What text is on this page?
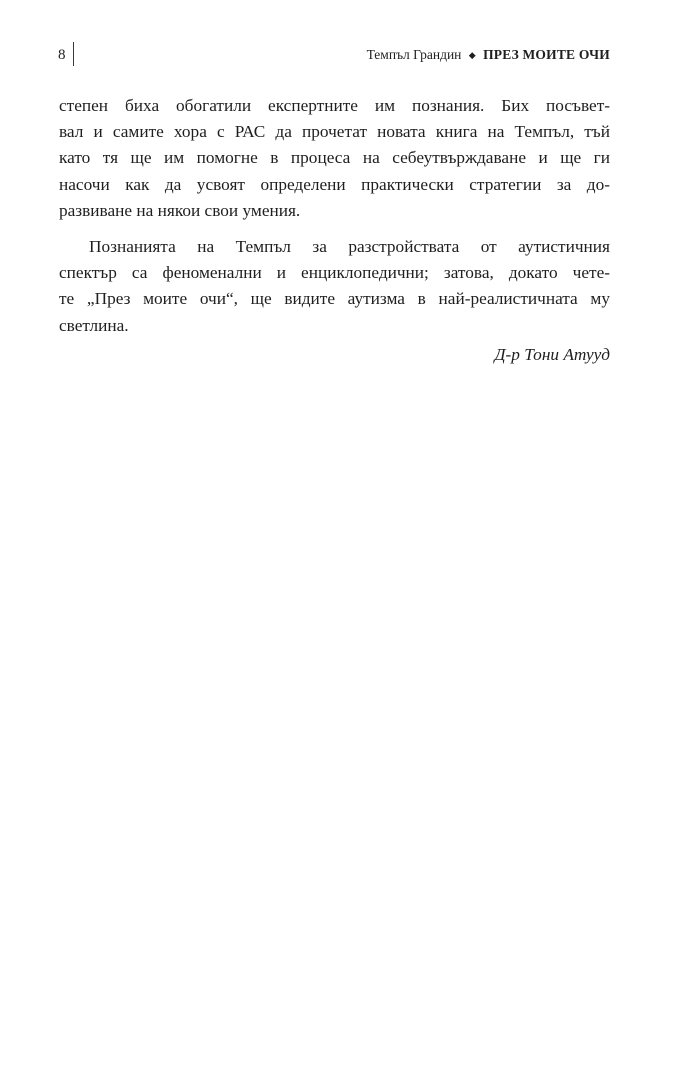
8	Темпъл Грандин ◆ ПРЕЗ МОИТЕ ОЧИ
степен биха обогатили експертните им познания. Бих посъвет-
вал и самите хора с РАС да прочетат новата книга на Темпъл, тъй
като тя ще им помогне в процеса на себеутвърждаване и ще ги
насочи как да усвоят определени практически стратегии за до-
развиване на някои свои умения.
Познанията на Темпъл за разстройствата от аутистичния
спектър са феноменални и енциклопедични; затова, докато чете-
те „През моите очи“, ще видите аутизма в най-реалистичната му
светлина.
Д-р Тони Атууд
